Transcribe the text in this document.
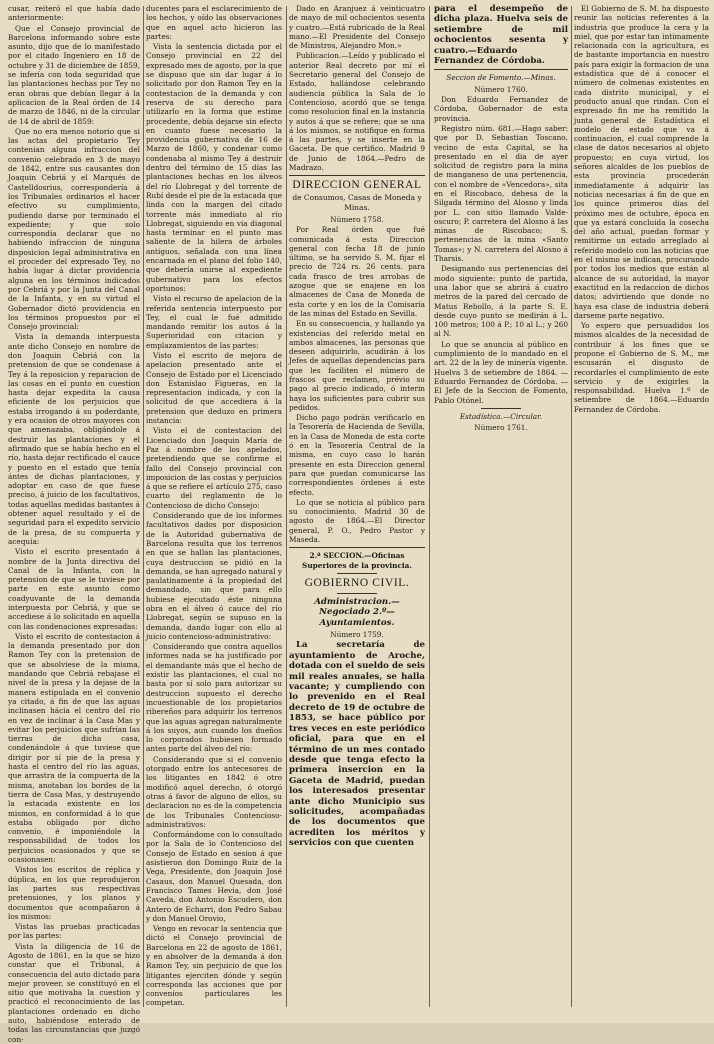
cusar, reiteró el que había dado anteriormente:

Que el Consejo provincial de Barcelona informando sobre este asunto, dijo que de lo manifestado por el citado Ingeniero en 18 de octubre y 31 de diciembre de 1859, se infería con toda seguridad que las plantaciones hechas por Tey no eran obras que debían llegar á la aplicacion de la Real órden de 14 de marzo de 1846, ni de la circular de 14 de abril de 1859:

Que no era menos notorio que si las actas del propietario Tey contenian alguna infraccion del convenio celebrado en 3 de mayo de 1842, entre sus causantes don Joaquin Cebriá y el Marqués de Castelldosrius, correspondería á los Tribunales ordinarios el hacer efectivo su cumplimiento, pudiendo darse por terminado el expediente; y que solo correspondía declarar que no habiendo infraccion de ninguna disposicion legal administrativa en el proceder del expresado Tey, no había lugar á dictar providencia alguna en los términos indicados por Cebriá y por la Junta del Canal de la Infanta, y en su virtud el Gobernador dictó providencia en los términos propuestos por el Consejo provincial:

Vista la demanda interpuesta ante dicho Consejo en nombre de don Joaquin Cebriá con la pretension de que se condenase á Tey á la reposicion y reparacion de las cosas en el punto en cuestion hasta dejar expedita la causa eficiente de los perjuicios que estaba irrogando á su poderdante, y era ocasion de otros mayores con que amenazaba, obligándole á destruir las plantaciones y el afirmado que se había hecho en el río, hasta dejar rectificado el cauce y puesto en el estado que tenía ántes de dichas plantaciones, y adoptar en caso de que fuese preciso, á juicio de los facultativos, todas aquellas medidas bastantes á obtener aquel resultado y el de seguridad para el expedito servicio de la presa, de su compuerta y acequia:

Visto el escrito presentado á nombre de la Junta directiva del Canal de la Infanta, con la pretension de que se le tuviese por parte en este asunto como coadyuvante de la demanda interpuesta por Cebriá, y que se accediese á lo solicitado en aquella con las condenaciones expresadas:

Visto el escrito de contestacion á la demanda presentado por don Ramon Tey con la pretension de que se absolviese de la misma, mandando que Cebriá rebajase el nivel de la presa y la dejase de la manera estipulada en el convenio ya citado, á fin de que las aguas inclinasen hácia el centro del río en vez de inclinar á la Casa Mas y evitar los perjuicios que sufrían las tierras de dicha casa, condenándole á que tuviese que dirigir por sí pie de la presa y hasta el centro del río las aguas, que arrastra de la compuerta de la misma, anotaban los bordes de la tierra de Casa Mas, y destruyendo la estacada existente en los mismos, en conformidad á lo que estaba obligado por dicho convenio, é imponiéndole la responsabilidad de todos los perjuicios ocasionados y que se ocasionasen:

Vistos los escritos de réplica y dúplica, en los que reprodujeron las partes sus respectivas pretensiones, y los planos y documentos que acompañaron á los mismos:

Vistas las pruebas practicadas por las partes:

Vista la diligencia de 16 de Agosto de 1861, en la que se hizo constar que el Tribunal, á consecuencia del auto dictado para mejor proveer, se constituyó en el sitio que motivaba la cuestion y practicó el reconocimiento de las plantaciones ordenado en dicho auto, habiéndose enterado de todas las circunstancias que juzgó con-

ducentes para el esclarecimiento de los hechos, y oído las observaciones que en aquel acto hicieron las partes:

Vista la sentencia dictada por el Consejo provincial en 22 del expresado mes de agosto, por la que se dispuso que sin dar lugar á lo solicitado por don Ramon Tey en la contestacion de la demanda y con reserva de su derecho para utilizarlo en la forma que estime procedente, debía dejarse sin efecto en cuanto fuese necesario la providencia gubernativa de 16 de Marzo de 1860, y condenar como condenaba al mismo Tey á destruir dentro del término de 15 días las plantaciones hechas en los álveos del río Llobregat y del torrente de Rubí desde el pie de la estacada que linda con la margen del citado torrente más inmediato al río Llobregat, siguiendo en via diagonal hasta terminar en el punto mas saliente de la hilera de árboles antiguos, señalada con una línea encarnada en el plano del folio 140, que debería unirse al expediente gubernativo para los efectos oportunos:

Visto el recurso de apelacion de la referida sentencia interpuesto por Tey, el cual le fué admitido mandando remitir los autos á la Superioridad con citacion y emplazamientos de las partes:

Visto el escrito de mejora de apelacion presentado ante el Consejo de Estado por el Licenciado don Estanislao Figueras, en la representacion indicada, y con la solicitud de que accediera á la pretension que deduzo en primera instancia:

Visto el de contestacion del Licenciado don Joaquin María de Paz á nombre de los apelados, pretendiendo que se confirme el fallo del Consejo provincial con imposicion de las costas y perjuicios á que se refiere el artículo 275, caso cuarto del reglamento de lo Contencioso de dicho Consejo:

Considerando que de los informes facultativos dados por disposicion de la Autoridad gubernativa de Barcelona resulta que los terrenos en que se hallan las plantaciones, cuya destruccion se pidió en la demanda, se han agregado natural y paulatinamente á la propiedad del demandado, sin que para ello hubiese ejecutado éste ninguna obra en el álveo ó cauce del río Llobregat, según se supuso en la demanda, dando lugar con ello al juicio contencioso-administrativo:

Considerando que contra aquellos informes nada se ha justificado por el demandante más que el hecho de existir las plantaciones, el cual no basta por sí solo para autorizar su destruccion supuesto el derecho incuestionable de los propietarios ribereños para adquirir los terrenos que las aguas agregan naturalmente á los suyos, aun cuando los dueños lo corporados hubiesen formado antes parte del álveo del río:

Considerando que si el convenio otorgado entre los antecesores de los litigantes en 1842 ó otro modificó aquel derecho, ó otorgó otras á favor de alguno de ellos, su declaracion no es de la competencia de los Tribunales Contencioso-administrativos:

Conformándome con lo consultado por la Sala de lo Contencioso del Consejo de Estado en sesion á que asistieron don Domingo Ruiz de la Vega, Presidente, don Joaquin José Casaus, don Manuel Quesada, don Francisco Tames Hevia, don José Caveda, don Antonio Escudero, don Antero de Echarri, don Pedro Sabau y don Manuel Orovio,

Vengo en revocar la sentencia que dictó el Consejo provincial de Barcelona en 22 de agosto de 1861, y en absolver de la demanda á don Ramon Tey, sin perjuicio de que los litigantes ejerciten dónde y según corresponda las acciones que por convenios particulares les competan.

Dado en Aranjuez á veinticuatro de mayo de mil ochocientos sesenta y cuatro.—Está rubricado de la Real mano.—El Presidente del Consejo de Ministros, Alejandro Mon.»

Publicacion.—Leído y publicado el anterior Real decreto por mí el Secretario general del Consejo de Estado, hallándose celebrando audiencia pública la Sala de lo Contencioso, acordó que se tenga como resolucion final en la instancia y autos á que se refiere; que se una á los mismos, se notifique en forma á las partes, y se inserte en la Gaceta. De que certifico. Madrid 9 de Junio de 1864.—Pedro de Madrazo.

DIRECCION GENERAL

de Consumos, Casas de Moneda y Minas.

Número 1758.

Por Real órden que fué comunicada á esta Direccion general con fecha 18 de junio último, se ha servido S. M. fijar el precio de 724 rs. 26 cents. para cada frasco de tres arrobas de azogue que se enajene en los almacenes de Casa de Moneda de esta corte y en los de la Comisaría de las minas del Estado en Sevilla.

En su consecuencia, y hallando ya existencias del referido metal en ambos almacenes, las personas que deseen adquirirlo, acudirán á los Jefes de aquellas dependencias para que les faciliten el número de frascos que reclamen, prévio su pago al precio indicado, ó interin haya los suficientes para cubrir sus pedidos.

Dicho pago podrán verificarlo en la Tesorería de Hacienda de Sevilla, en la Casa de Moneda de esta corte ó en la Tesorería Central de la misma, en cuyo caso lo harán presente en esta Direccion general para que puedan comunicarse las correspondientes órdenes á este efecto.

Lo que se noticia al público para su conocimiento. Madrid 30 de agosto de 1864.—El Director general, P. O., Pedro Pastor y Maseda.

2.ª SECCION.—Oficinas Superiores de la provincia.

GOBIERNO CIVIL.

Administracion.—Negociado 2.º—Ayuntamientos.

Número 1759.

La secretaría de ayuntamiento de Aroche, dotada con el sueldo de seis mil reales anuales, se halla vacante; y cumpliendo con lo prevenido en el Real decreto de 19 de octubre de 1853, se hace público por tres veces en este periódico oficial, para que en el término de un mes contado desde que tenga efecto la primera insercion en la Gaceta de Madrid, puedan los interesados presentar ante dicho Municipio sus solicitudes, acompañadas de los documentos que acrediten los méritos y servicios con que cuenten

para el desempeño de dicha plaza. Huelva seis de setiembre de mil ochocientos sesenta y cuatro.—Eduardo Fernandez de Córdoba.

Seccion de Fomento.—Minas.

Número 1760.

Don Eduardo Fernandez de Córdoba, Gobernador de esta provincia.

Registro núm. 681.—Hago saber: que por D. Sebastian Toscano, vecino de esta Capital, se ha presentado en el dia de ayer solicitud de registro para la mina de manganeso de una pertenencia, con el nombre de «Vencedora», sita en el Riscobaco, dehesa de la Silgada término del Alosno y linda por L. con sitio llamado Valde-oscuro; P. carretera del Alosno á las minas de Riscobaco; S. pertenencias de la mina «Santo Tomas»; y N. carretera del Alosno á Tharsis.

Designando sus pertenencias del modo siguiente: punto de partida, una labor que se abrirá á cuatro metros de la pared del cercado de Matus Rebollo, á la parte S. E. desde cuyo punto se medirán á L. 100 metros; 100 á P.; 10 al L.; y 260 al N.

Lo que se anuncia al público en cumplimiento de lo mandado en el art. 22 de la ley de minería vigente. Huelva 3 de setiembre de 1864. —Eduardo Fernandez de Córdoba. —El Jefe de la Seccion de Fomento, Pablo Otónel.

Estadística.—Circular.

Número 1761.

El Gobierno de S. M. ha dispuesto reunir las noticias referentes á la industria que produce la cera y la miel, que por estar tan intimamente relacionada con la agricultura, es de bastante importancia en nuestro país para exigir la formacion de una estadística que dé á conocer el número de colmenas existentes en cada distrito municipal, y el producto anual que rindan. Con el expresado fin me ha remitido la junta general de Estadística el modelo de estado que va á continuacion, el cual comprende la clase de datos necesarios al objeto propuesto; en cuya virtud, los señores alcaldes de los pueblos de esta provincia procederán inmediatamente á adquirir las noticias necesarias á fin de que en los quince primeros dias del próximo mes de octubre, época en que ya estará concluida la cosecha del año actual, puedan formar y remitirme un estado arreglado al referido modelo con las noticias que en el mismo se indican, procurando por todos los medios que están al alcance de su autoridad, la mayor exactitud en la redaccion de dichos datos; advirtiendo que donde no haya esa clase de industria deberá darseme parte negativo.

Yo espero que persuadidos los mismos alcaldes de la necesidad de contribuir á los fines que se propone el Gobierno de S. M., me escusarán el disgusto de recordarles el cumplimiento de este servicio y de exigirles la responsabilidad. Huelva 1.º de setiembre de 1864.—Eduardo Fernandez de Córdoba.
